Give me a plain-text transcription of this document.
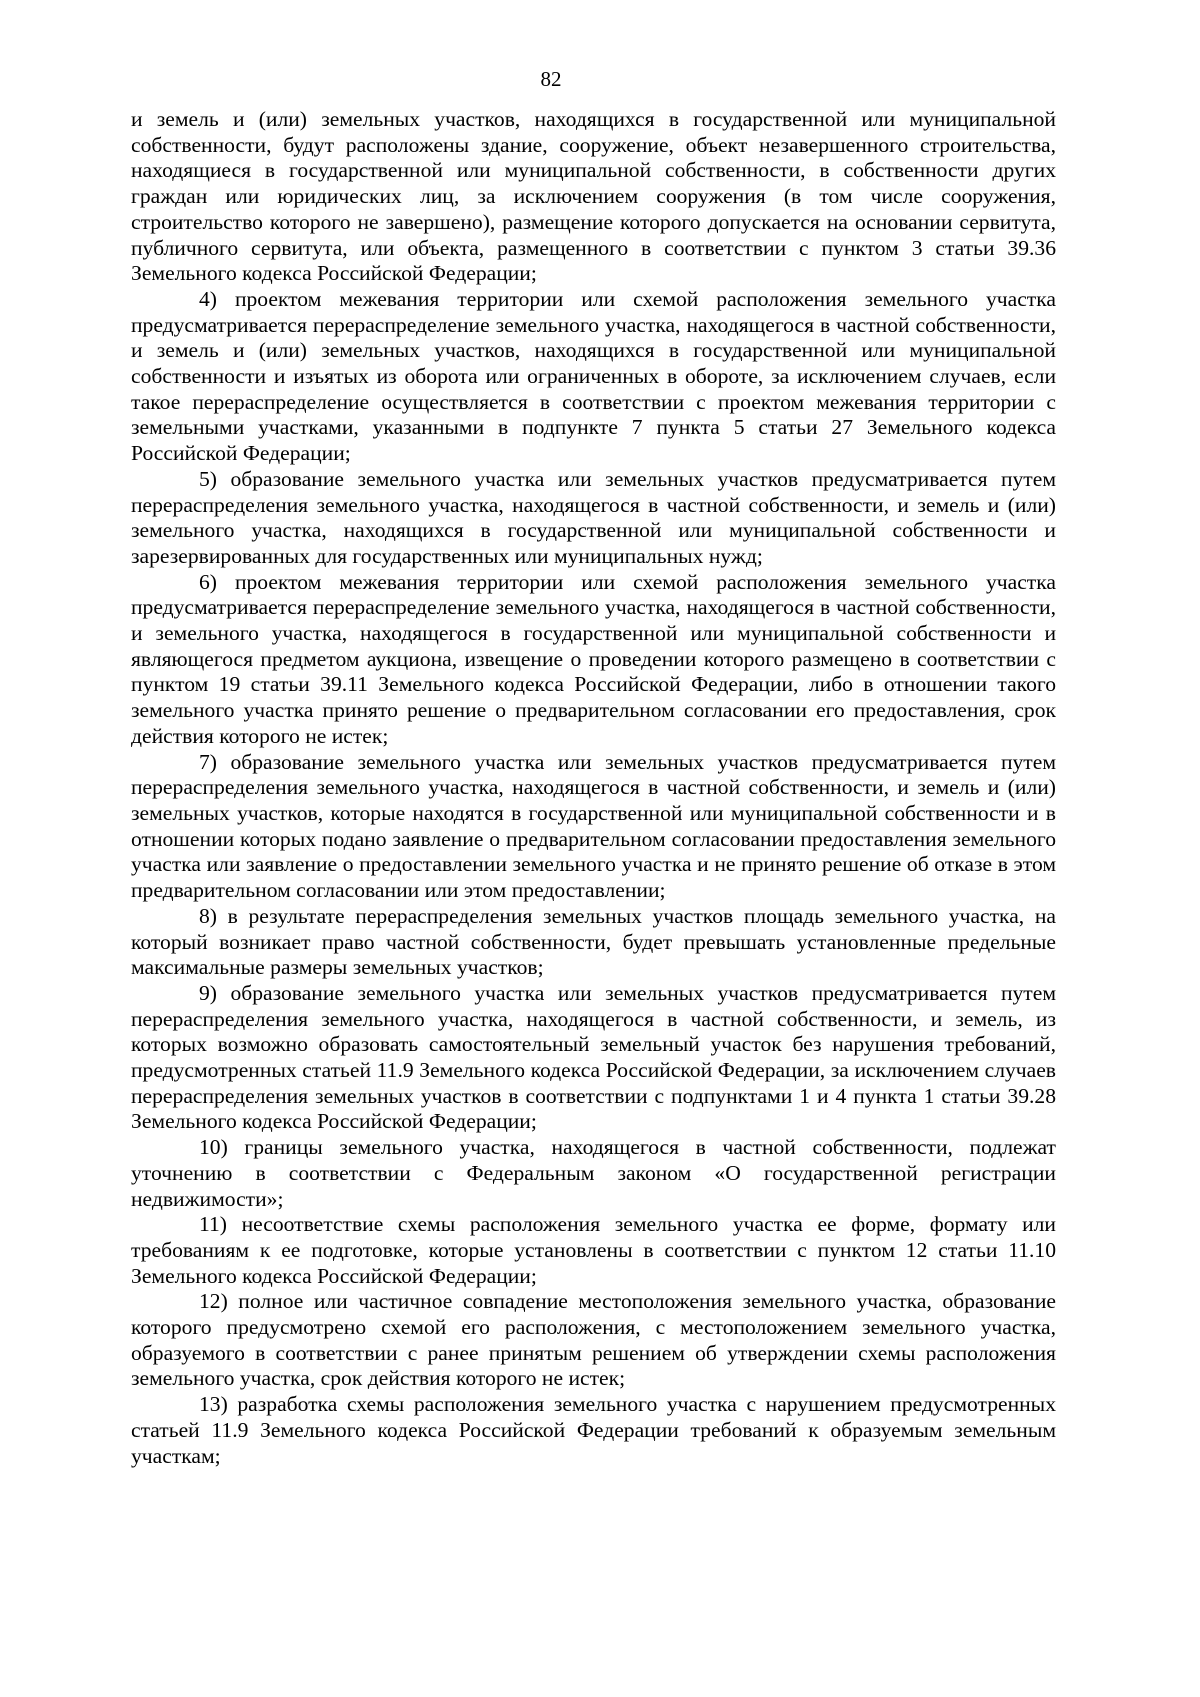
82

и земель и (или) земельных участков, находящихся в государственной или муниципальной собственности, будут расположены здание, сооружение, объект незавершенного строительства, находящиеся в государственной или муниципальной собственности, в собственности других граждан или юридических лиц, за исключением сооружения (в том числе сооружения, строительство которого не завершено), размещение которого допускается на основании сервитута, публичного сервитута, или объекта, размещенного в соответствии с пунктом 3 статьи 39.36 Земельного кодекса Российской Федерации;

4) проектом межевания территории или схемой расположения земельного участка предусматривается перераспределение земельного участка, находящегося в частной собственности, и земель и (или) земельных участков, находящихся в государственной или муниципальной собственности и изъятых из оборота или ограниченных в обороте, за исключением случаев, если такое перераспределение осуществляется в соответствии с проектом межевания территории с земельными участками, указанными в подпункте 7 пункта 5 статьи 27 Земельного кодекса Российской Федерации;

5) образование земельного участка или земельных участков предусматривается путем перераспределения земельного участка, находящегося в частной собственности, и земель и (или) земельного участка, находящихся в государственной или муниципальной собственности и зарезервированных для государственных или муниципальных нужд;

6) проектом межевания территории или схемой расположения земельного участка предусматривается перераспределение земельного участка, находящегося в частной собственности, и земельного участка, находящегося в государственной или муниципальной собственности и являющегося предметом аукциона, извещение о проведении которого размещено в соответствии с пунктом 19 статьи 39.11 Земельного кодекса Российской Федерации, либо в отношении такого земельного участка принято решение о предварительном согласовании его предоставления, срок действия которого не истек;

7) образование земельного участка или земельных участков предусматривается путем перераспределения земельного участка, находящегося в частной собственности, и земель и (или) земельных участков, которые находятся в государственной или муниципальной собственности и в отношении которых подано заявление о предварительном согласовании предоставления земельного участка или заявление о предоставлении земельного участка и не принято решение об отказе в этом предварительном согласовании или этом предоставлении;

8) в результате перераспределения земельных участков площадь земельного участка, на который возникает право частной собственности, будет превышать установленные предельные максимальные размеры земельных участков;

9) образование земельного участка или земельных участков предусматривается путем перераспределения земельного участка, находящегося в частной собственности, и земель, из которых возможно образовать самостоятельный земельный участок без нарушения требований, предусмотренных статьей 11.9 Земельного кодекса Российской Федерации, за исключением случаев перераспределения земельных участков в соответствии с подпунктами 1 и 4 пункта 1 статьи 39.28 Земельного кодекса Российской Федерации;

10) границы земельного участка, находящегося в частной собственности, подлежат уточнению в соответствии с Федеральным законом «О государственной регистрации недвижимости»;

11) несоответствие схемы расположения земельного участка ее форме, формату или требованиям к ее подготовке, которые установлены в соответствии с пунктом 12 статьи 11.10 Земельного кодекса Российской Федерации;

12) полное или частичное совпадение местоположения земельного участка, образование которого предусмотрено схемой его расположения, с местоположением земельного участка, образуемого в соответствии с ранее принятым решением об утверждении схемы расположения земельного участка, срок действия которого не истек;

13) разработка схемы расположения земельного участка с нарушением предусмотренных статьей 11.9 Земельного кодекса Российской Федерации требований к образуемым земельным участкам;
